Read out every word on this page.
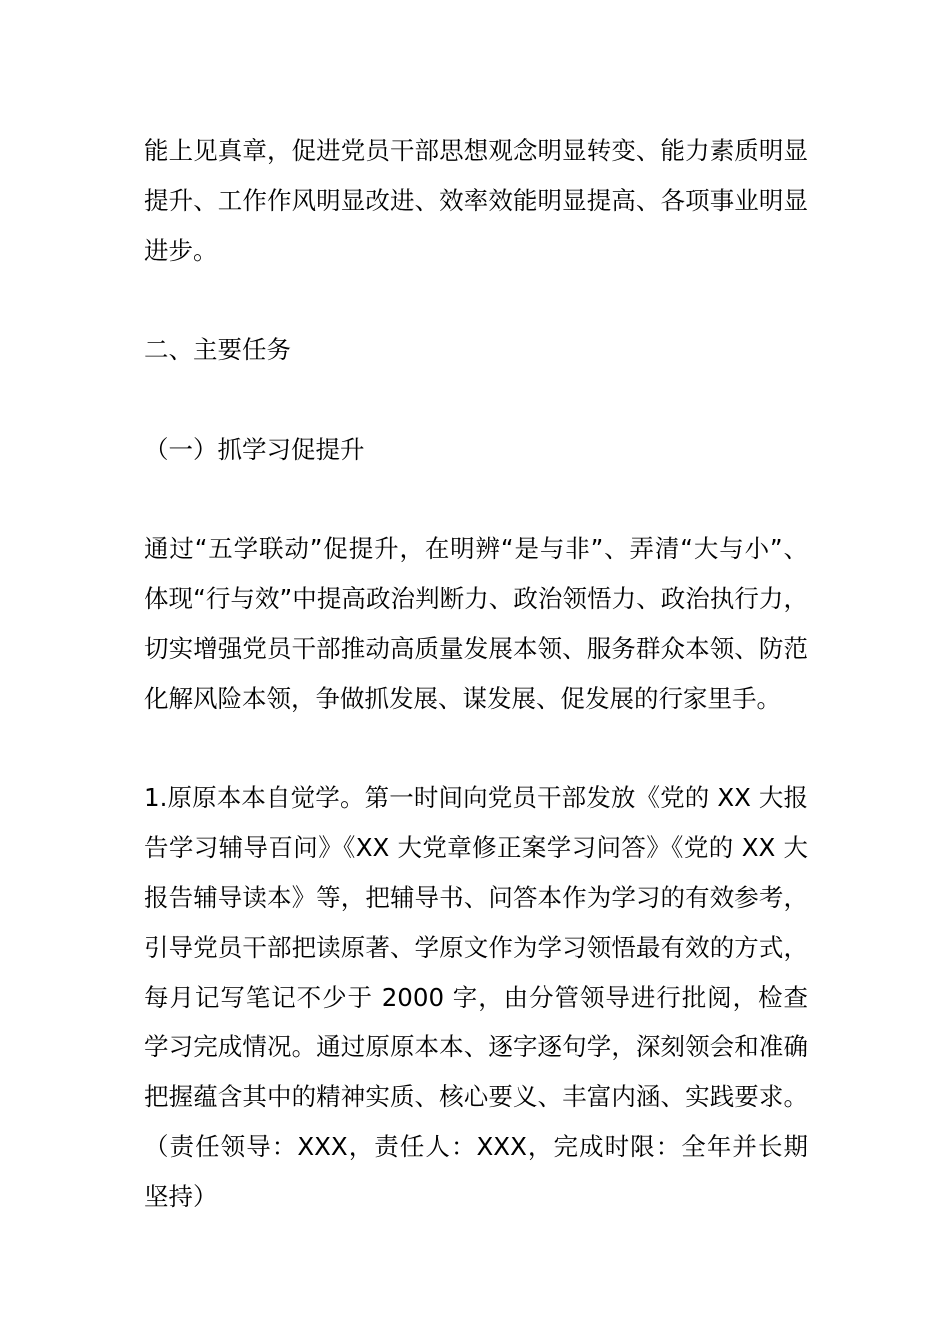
能上见真章，促进党员干部思想观念明显转变、能力素质明显提升、工作作风明显改进、效率效能明显提高、各项事业明显进步。

二、主要任务

（一）抓学习促提升

通过“五学联动”促提升，在明辨“是与非”、弄清“大与小”、体现“行与效”中提高政治判断力、政治领悟力、政治执行力，切实增强党员干部推动高质量发展本领、服务群众本领、防范化解风险本领，争做抓发展、谋发展、促发展的行家里手。

1.原原本本自觉学。第一时间向党员干部发放《党的 XX 大报告学习辅导百问》《XX 大党章修正案学习问答》《党的 XX 大报告辅导读本》等，把辅导书、问答本作为学习的有效参考，引导党员干部把读原著、学原文作为学习领悟最有效的方式，每月记写笔记不少于 2000 字，由分管领导进行批阅，检查学习完成情况。通过原原本本、逐字逐句学，深刻领会和准确把握蕴含其中的精神实质、核心要义、丰富内涵、实践要求。（责任领导：XXX，责任人：XXX，完成时限：全年并长期坚持）
